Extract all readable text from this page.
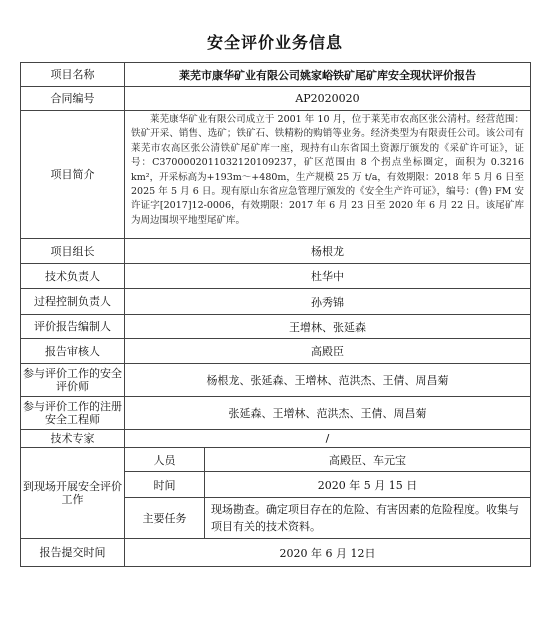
安全评价业务信息
项目名称	莱芜市康华矿业有限公司姚家峪铁矿尾矿库安全现状评价报告	
合同编号	AP2020020	
项目简介	莱芜康华矿业有限公司成立于 2001 年 10 月，位于莱芜市农高区张公清村。经营范围：铁矿开采、销售、选矿；铁矿石、铁精粉的购销等业务。经济类型为有限责任公司。该公司有莱芜市农高区张公清铁矿尾矿库一座，现持有山东省国土资源厅颁发的《采矿许可证》，证号：C3700002011032120109237，矿区范围由 8 个拐点坐标圈定，面积为 0.3216 km²，开采标高为+193m～+480m，生产规模 25 万 t/a，有效期限：2018 年 5 月 6 日至 2025 年 5 月 6 日。现有原山东省应急管理厅颁发的《安全生产许可证》，编号：(鲁) FM 安许证字[2017]12-0006，有效期限：2017 年 6 月 23 日至 2020 年 6 月 22 日。该尾矿库为周边围坝平地型尾矿库。	

项目组长	杨根龙	
技术负责人	杜华中	
过程控制负责人	孙秀锦	
评价报告编制人	王增林、张延森	
报告审核人	高殿臣	
参与评价工作的安全评价师	杨根龙、张延森、王增林、范洪杰、王倩、周昌菊	
参与评价工作的注册安全工程师	张延森、王增林、范洪杰、王倩、周昌菊	
技术专家	/	
到现场开展安全评价工作	人员	高殿臣、车元宝
	时间	2020 年 5 月 15 日
	主要任务	现场勘查。确定项目存在的危险、有害因素的危险程度。收集与项目有关的技术资料。
报告提交时间	2020 年 6 月 12日	
